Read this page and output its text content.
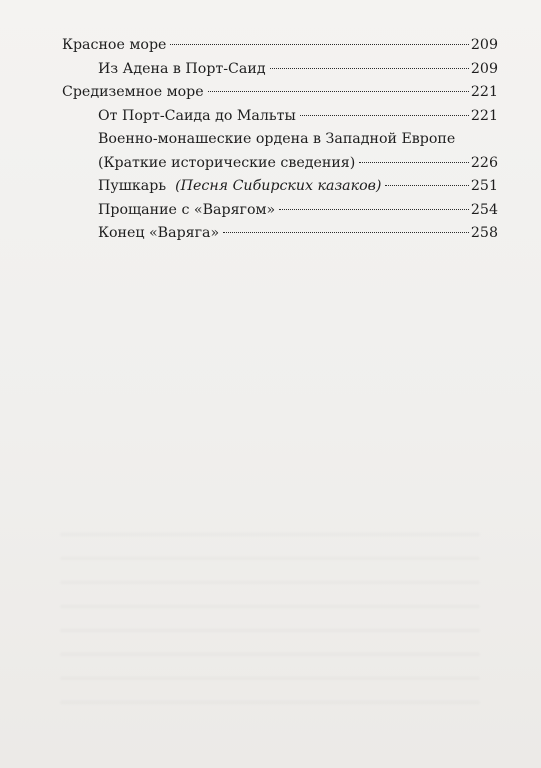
Красное море	209
Из Адена в Порт-Саид	209
Средиземное море	221
От Порт-Саида до Мальты	221
Военно-монашеские ордена в Западной Европе
(Краткие исторические сведения)	226
Пушкарь (Песня Сибирских казаков)	251
Прощание с «Варягом»	254
Конец «Варяга»	258
